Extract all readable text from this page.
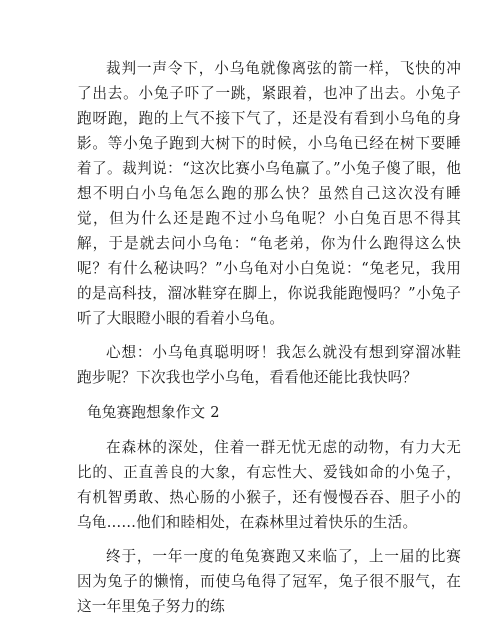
裁判一声令下，小乌龟就像离弦的箭一样，飞快的冲了出去。小兔子吓了一跳，紧跟着，也冲了出去。小兔子跑呀跑，跑的上气不接下气了，还是没有看到小乌龟的身影。等小兔子跑到大树下的时候，小乌龟已经在树下要睡着了。裁判说：“这次比赛小乌龟赢了。”小兔子傻了眼，他想不明白小乌龟怎么跑的那么快？虽然自己这次没有睡觉，但为什么还是跑不过小乌龟呢？小白兔百思不得其解，于是就去问小乌龟：“龟老弟，你为什么跑得这么快呢？有什么秘诀吗？”小乌龟对小白兔说：“兔老兄，我用的是高科技，溜冰鞋穿在脚上，你说我能跑慢吗？”小兔子听了大眼瞪小眼的看着小乌龟。

心想：小乌龟真聪明呀！我怎么就没有想到穿溜冰鞋跑步呢？下次我也学小乌龟，看看他还能比我快吗？

龟兔赛跑想象作文 2

在森林的深处，住着一群无忧无虑的动物，有力大无比的、正直善良的大象，有忘性大、爱钱如命的小兔子，有机智勇敢、热心肠的小猴子，还有慢慢吞吞、胆子小的乌龟……他们和睦相处，在森林里过着快乐的生活。

终于，一年一度的龟兔赛跑又来临了，上一届的比赛因为兔子的懒惰，而使乌龟得了冠军，兔子很不服气，在这一年里兔子努力的练
